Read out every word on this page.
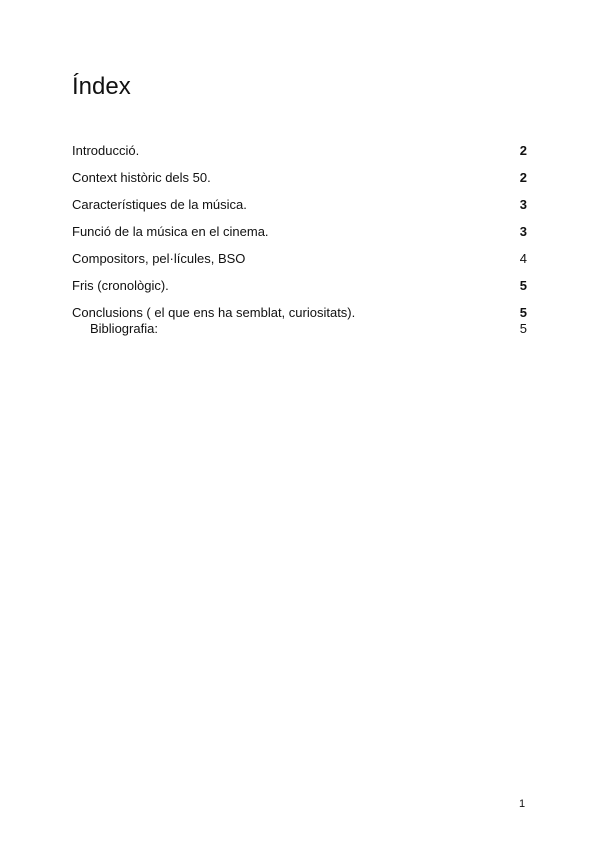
Índex
Introducció.	2
Context històric dels 50.	2
Característiques de la música.	3
Funció de la música en el cinema.	3
Compositors, pel·lícules, BSO	4
Fris (cronològic).	5
Conclusions ( el que ens ha semblat, curiositats).	5
Bibliografia:	5
1
